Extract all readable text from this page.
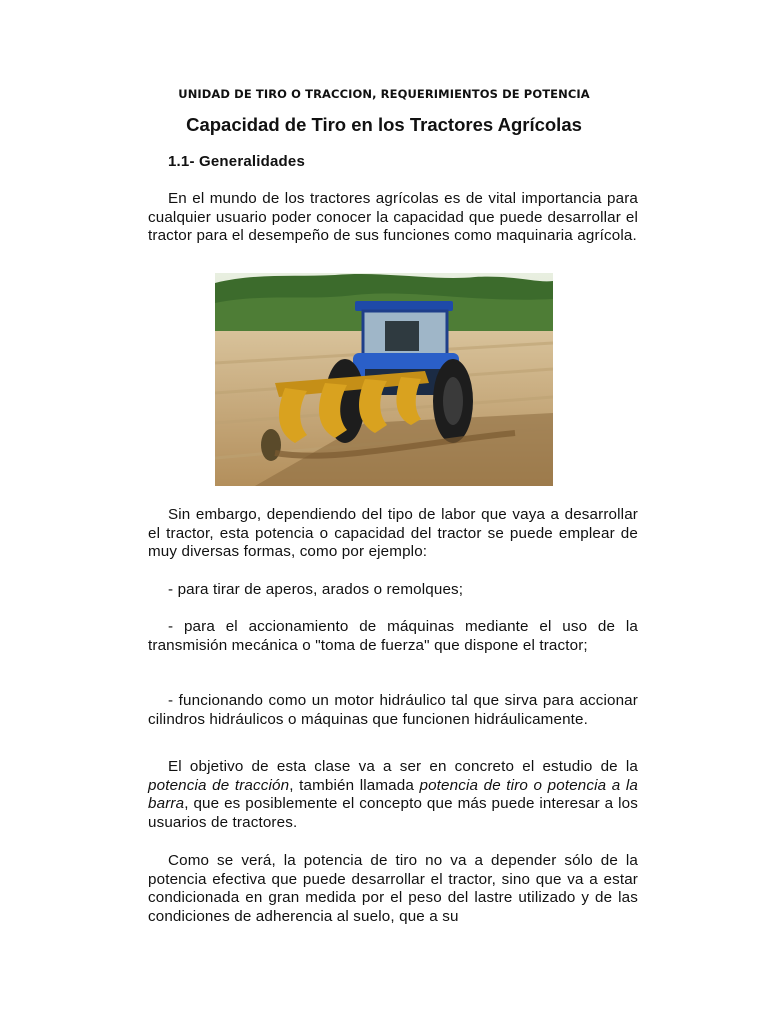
UNIDAD DE TIRO O TRACCION, REQUERIMIENTOS DE POTENCIA
Capacidad de Tiro en los Tractores Agrícolas
1.1- Generalidades

En el mundo de los tractores agrícolas es de vital importancia para cualquier usuario poder conocer la capacidad que puede desarrollar el tractor para el desempeño de sus funciones como maquinaria agrícola.

Sin embargo, dependiendo del tipo de labor que vaya a desarrollar el tractor, esta potencia o capacidad del tractor se puede emplear de muy diversas formas, como por ejemplo:

- para tirar de aperos, arados o remolques;

- para el accionamiento de máquinas mediante el uso de la transmisión mecánica o "toma de fuerza" que dispone el tractor;

- funcionando como un motor hidráulico tal que sirva para accionar cilindros hidráulicos o máquinas que funcionen hidráulicamente.

El objetivo de esta clase va a ser en concreto el estudio de la potencia de tracción, también llamada potencia de tiro o potencia a la barra, que es posiblemente el concepto que más puede interesar a los usuarios de tractores.

Como se verá, la potencia de tiro no va a depender sólo de la potencia efectiva que puede desarrollar el tractor, sino que va a estar condicionada en gran medida por el peso del lastre utilizado y de las condiciones de adherencia al suelo, que a su
